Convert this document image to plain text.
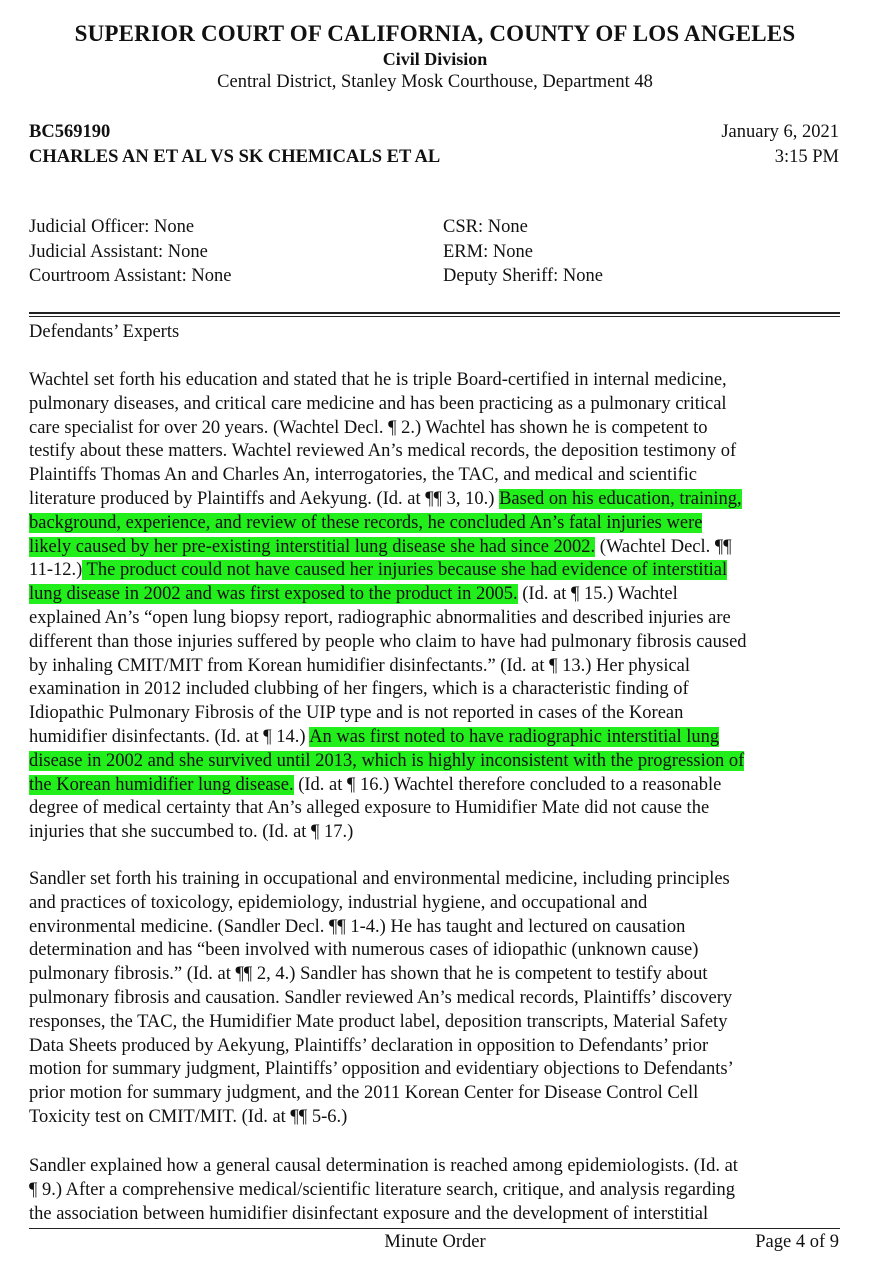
SUPERIOR COURT OF CALIFORNIA, COUNTY OF LOS ANGELES
Civil Division
Central District, Stanley Mosk Courthouse, Department 48
BC569190
CHARLES AN ET AL VS SK CHEMICALS ET AL
January 6, 2021
3:15 PM
Judicial Officer: None
Judicial Assistant: None
Courtroom Assistant: None
CSR: None
ERM: None
Deputy Sheriff: None
Defendants’ Experts
Wachtel set forth his education and stated that he is triple Board-certified in internal medicine,
pulmonary diseases, and critical care medicine and has been practicing as a pulmonary critical
care specialist for over 20 years. (Wachtel Decl. ¶ 2.) Wachtel has shown he is competent to
testify about these matters. Wachtel reviewed An’s medical records, the deposition testimony of
Plaintiffs Thomas An and Charles An, interrogatories, the TAC, and medical and scientific
literature produced by Plaintiffs and Aekyung. (Id. at ¶¶ 3, 10.) Based on his education, training,
background, experience, and review of these records, he concluded An’s fatal injuries were
likely caused by her pre-existing interstitial lung disease she had since 2002. (Wachtel Decl. ¶¶
11-12.) The product could not have caused her injuries because she had evidence of interstitial
lung disease in 2002 and was first exposed to the product in 2005. (Id. at ¶ 15.) Wachtel
explained An’s “open lung biopsy report, radiographic abnormalities and described injuries are
different than those injuries suffered by people who claim to have had pulmonary fibrosis caused
by inhaling CMIT/MIT from Korean humidifier disinfectants.” (Id. at ¶ 13.) Her physical
examination in 2012 included clubbing of her fingers, which is a characteristic finding of
Idiopathic Pulmonary Fibrosis of the UIP type and is not reported in cases of the Korean
humidifier disinfectants. (Id. at ¶ 14.) An was first noted to have radiographic interstitial lung
disease in 2002 and she survived until 2013, which is highly inconsistent with the progression of
the Korean humidifier lung disease. (Id. at ¶ 16.) Wachtel therefore concluded to a reasonable
degree of medical certainty that An’s alleged exposure to Humidifier Mate did not cause the
injuries that she succumbed to. (Id. at ¶ 17.)
Sandler set forth his training in occupational and environmental medicine, including principles
and practices of toxicology, epidemiology, industrial hygiene, and occupational and
environmental medicine. (Sandler Decl. ¶¶ 1-4.) He has taught and lectured on causation
determination and has “been involved with numerous cases of idiopathic (unknown cause)
pulmonary fibrosis.” (Id. at ¶¶ 2, 4.) Sandler has shown that he is competent to testify about
pulmonary fibrosis and causation. Sandler reviewed An’s medical records, Plaintiffs’ discovery
responses, the TAC, the Humidifier Mate product label, deposition transcripts, Material Safety
Data Sheets produced by Aekyung, Plaintiffs’ declaration in opposition to Defendants’ prior
motion for summary judgment, Plaintiffs’ opposition and evidentiary objections to Defendants’
prior motion for summary judgment, and the 2011 Korean Center for Disease Control Cell
Toxicity test on CMIT/MIT. (Id. at ¶¶ 5-6.)
Sandler explained how a general causal determination is reached among epidemiologists. (Id. at
¶ 9.) After a comprehensive medical/scientific literature search, critique, and analysis regarding
the association between humidifier disinfectant exposure and the development of interstitial
Minute Order	Page 4 of 9
